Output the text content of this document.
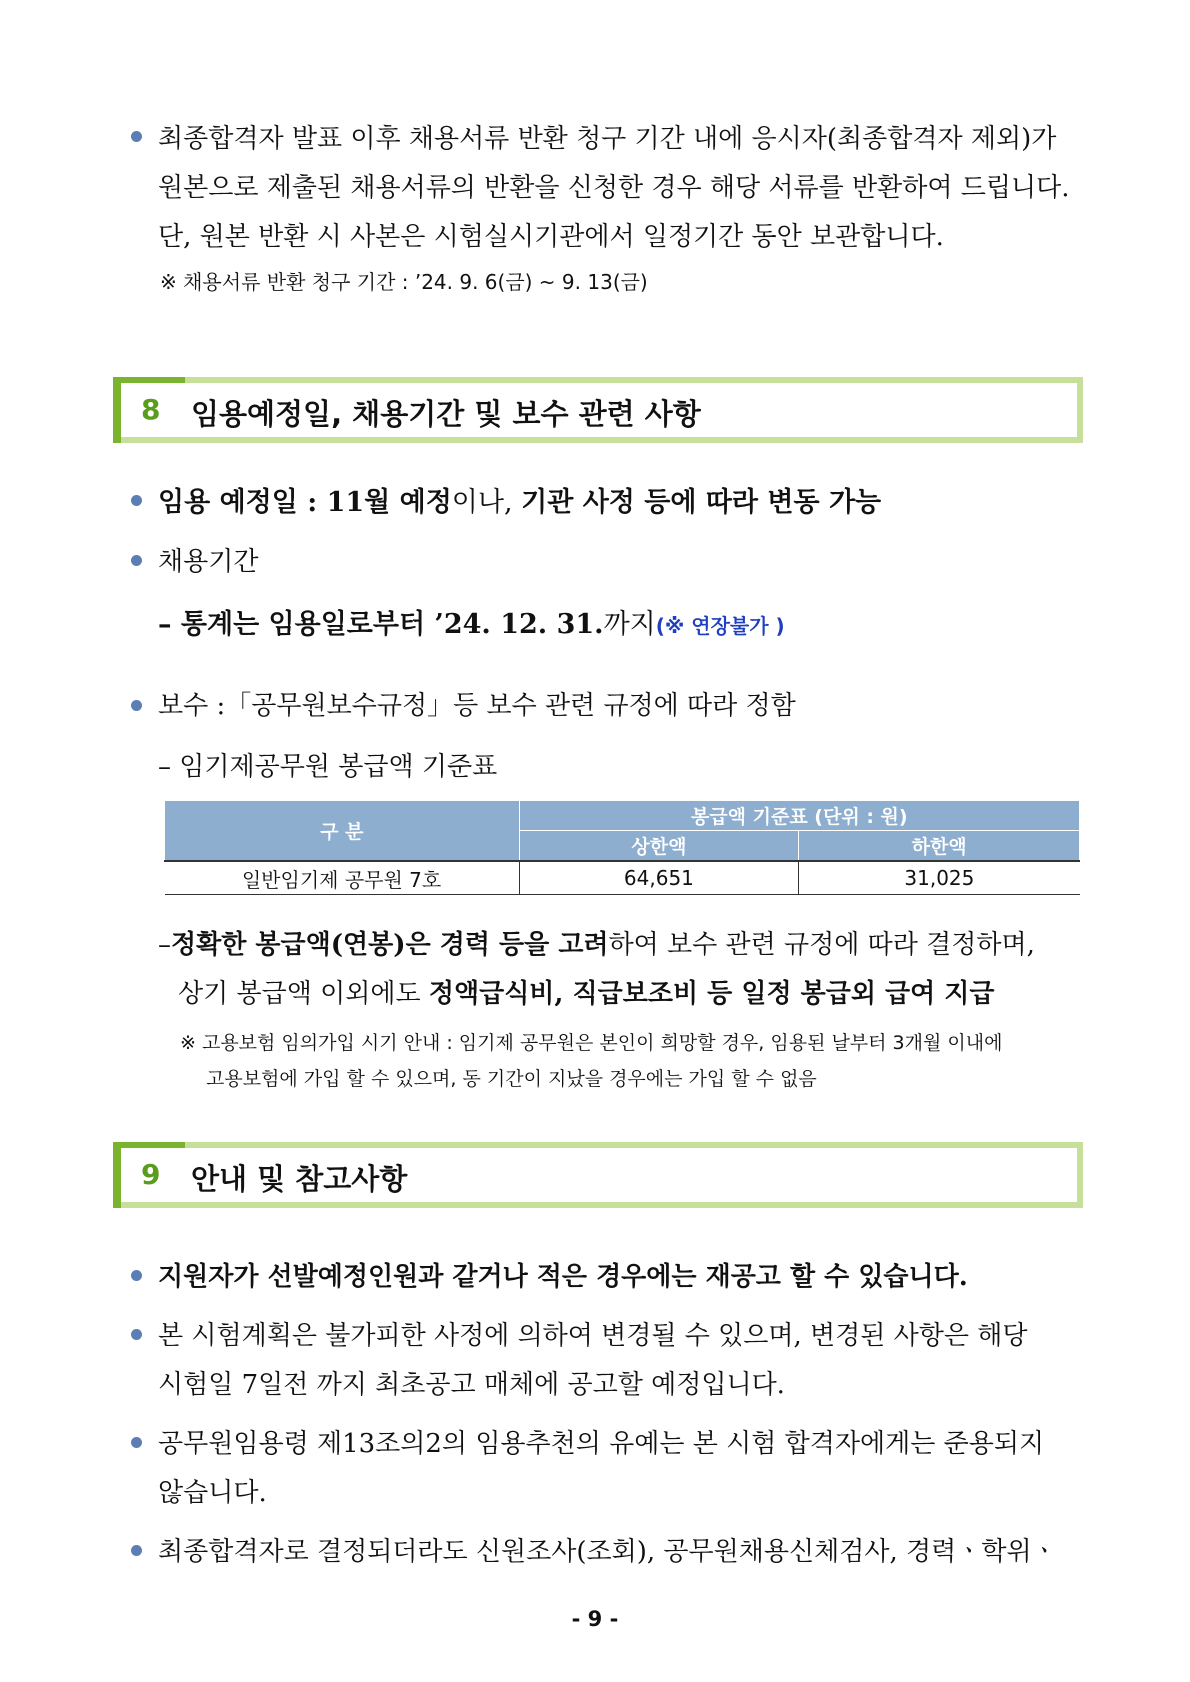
최종합격자 발표 이후 채용서류 반환 청구 기간 내에 응시자(최종합격자 제외)가
원본으로 제출된 채용서류의 반환을 신청한 경우 해당 서류를 반환하여 드립니다.
단, 원본 반환 시 사본은 시험실시기관에서 일정기간 동안 보관합니다.
※ 채용서류 반환 청구 기간 : ’24. 9. 6(금) ~ 9. 13(금)
8 임용예정일, 채용기간 및 보수 관련 사항
임용 예정일 : 11월 예정이나, 기관 사정 등에 따라 변동 가능
채용기간
– 통계는 임용일로부터 ’24. 12. 31.까지(※ 연장불가 )
보수 :「공무원보수규정」등 보수 관련 규정에 따라 정함
– 임기제공무원 봉급액 기준표
구 분	봉급액 기준표 (단위 : 원)	
	상한액	하한액
일반임기제 공무원 7호	64,651	31,025
–정확한 봉급액(연봉)은 경력 등을 고려하여 보수 관련 규정에 따라 결정하며,
상기 봉급액 이외에도 정액급식비, 직급보조비 등 일정 봉급외 급여 지급
※ 고용보험 임의가입 시기 안내 : 임기제 공무원은 본인이 희망할 경우, 임용된 날부터 3개월 이내에
고용보험에 가입 할 수 있으며, 동 기간이 지났을 경우에는 가입 할 수 없음
9 안내 및 참고사항
지원자가 선발예정인원과 같거나 적은 경우에는 재공고 할 수 있습니다.
본 시험계획은 불가피한 사정에 의하여 변경될 수 있으며, 변경된 사항은 해당
시험일 7일전 까지 최초공고 매체에 공고할 예정입니다.
공무원임용령 제13조의2의 임용추천의 유예는 본 시험 합격자에게는 준용되지
않습니다.
최종합격자로 결정되더라도 신원조사(조회), 공무원채용신체검사, 경력ㆍ학위ㆍ
- 9 -
